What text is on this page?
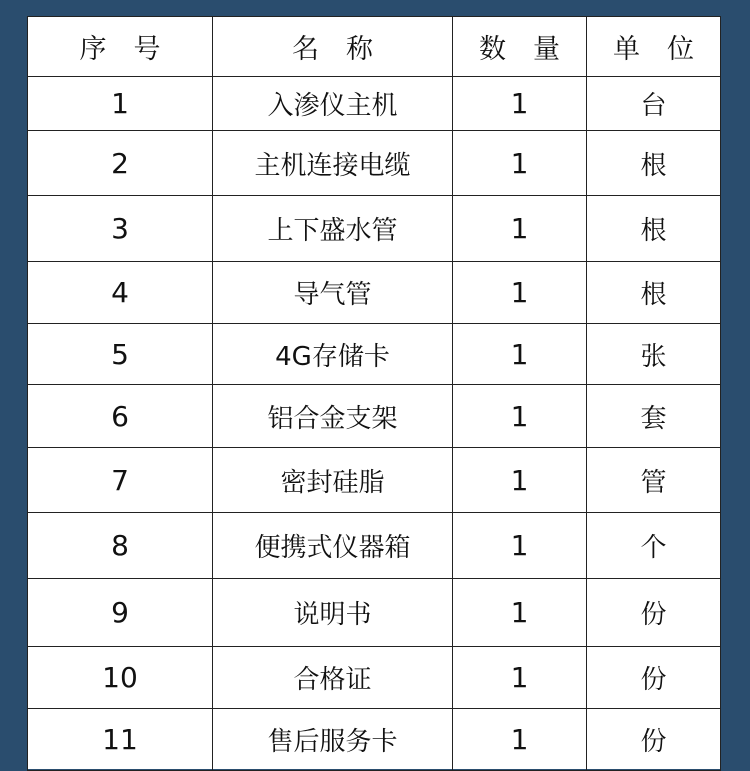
序　号	名　称	数　量	单　位
1	入渗仪主机	1	台
2	主机连接电缆	1	根
3	上下盛水管	1	根
4	导气管	1	根
5	4G存储卡	1	张
6	铝合金支架	1	套
7	密封硅脂	1	管
8	便携式仪器箱	1	个
9	说明书	1	份
10	合格证	1	份
11	售后服务卡	1	份
